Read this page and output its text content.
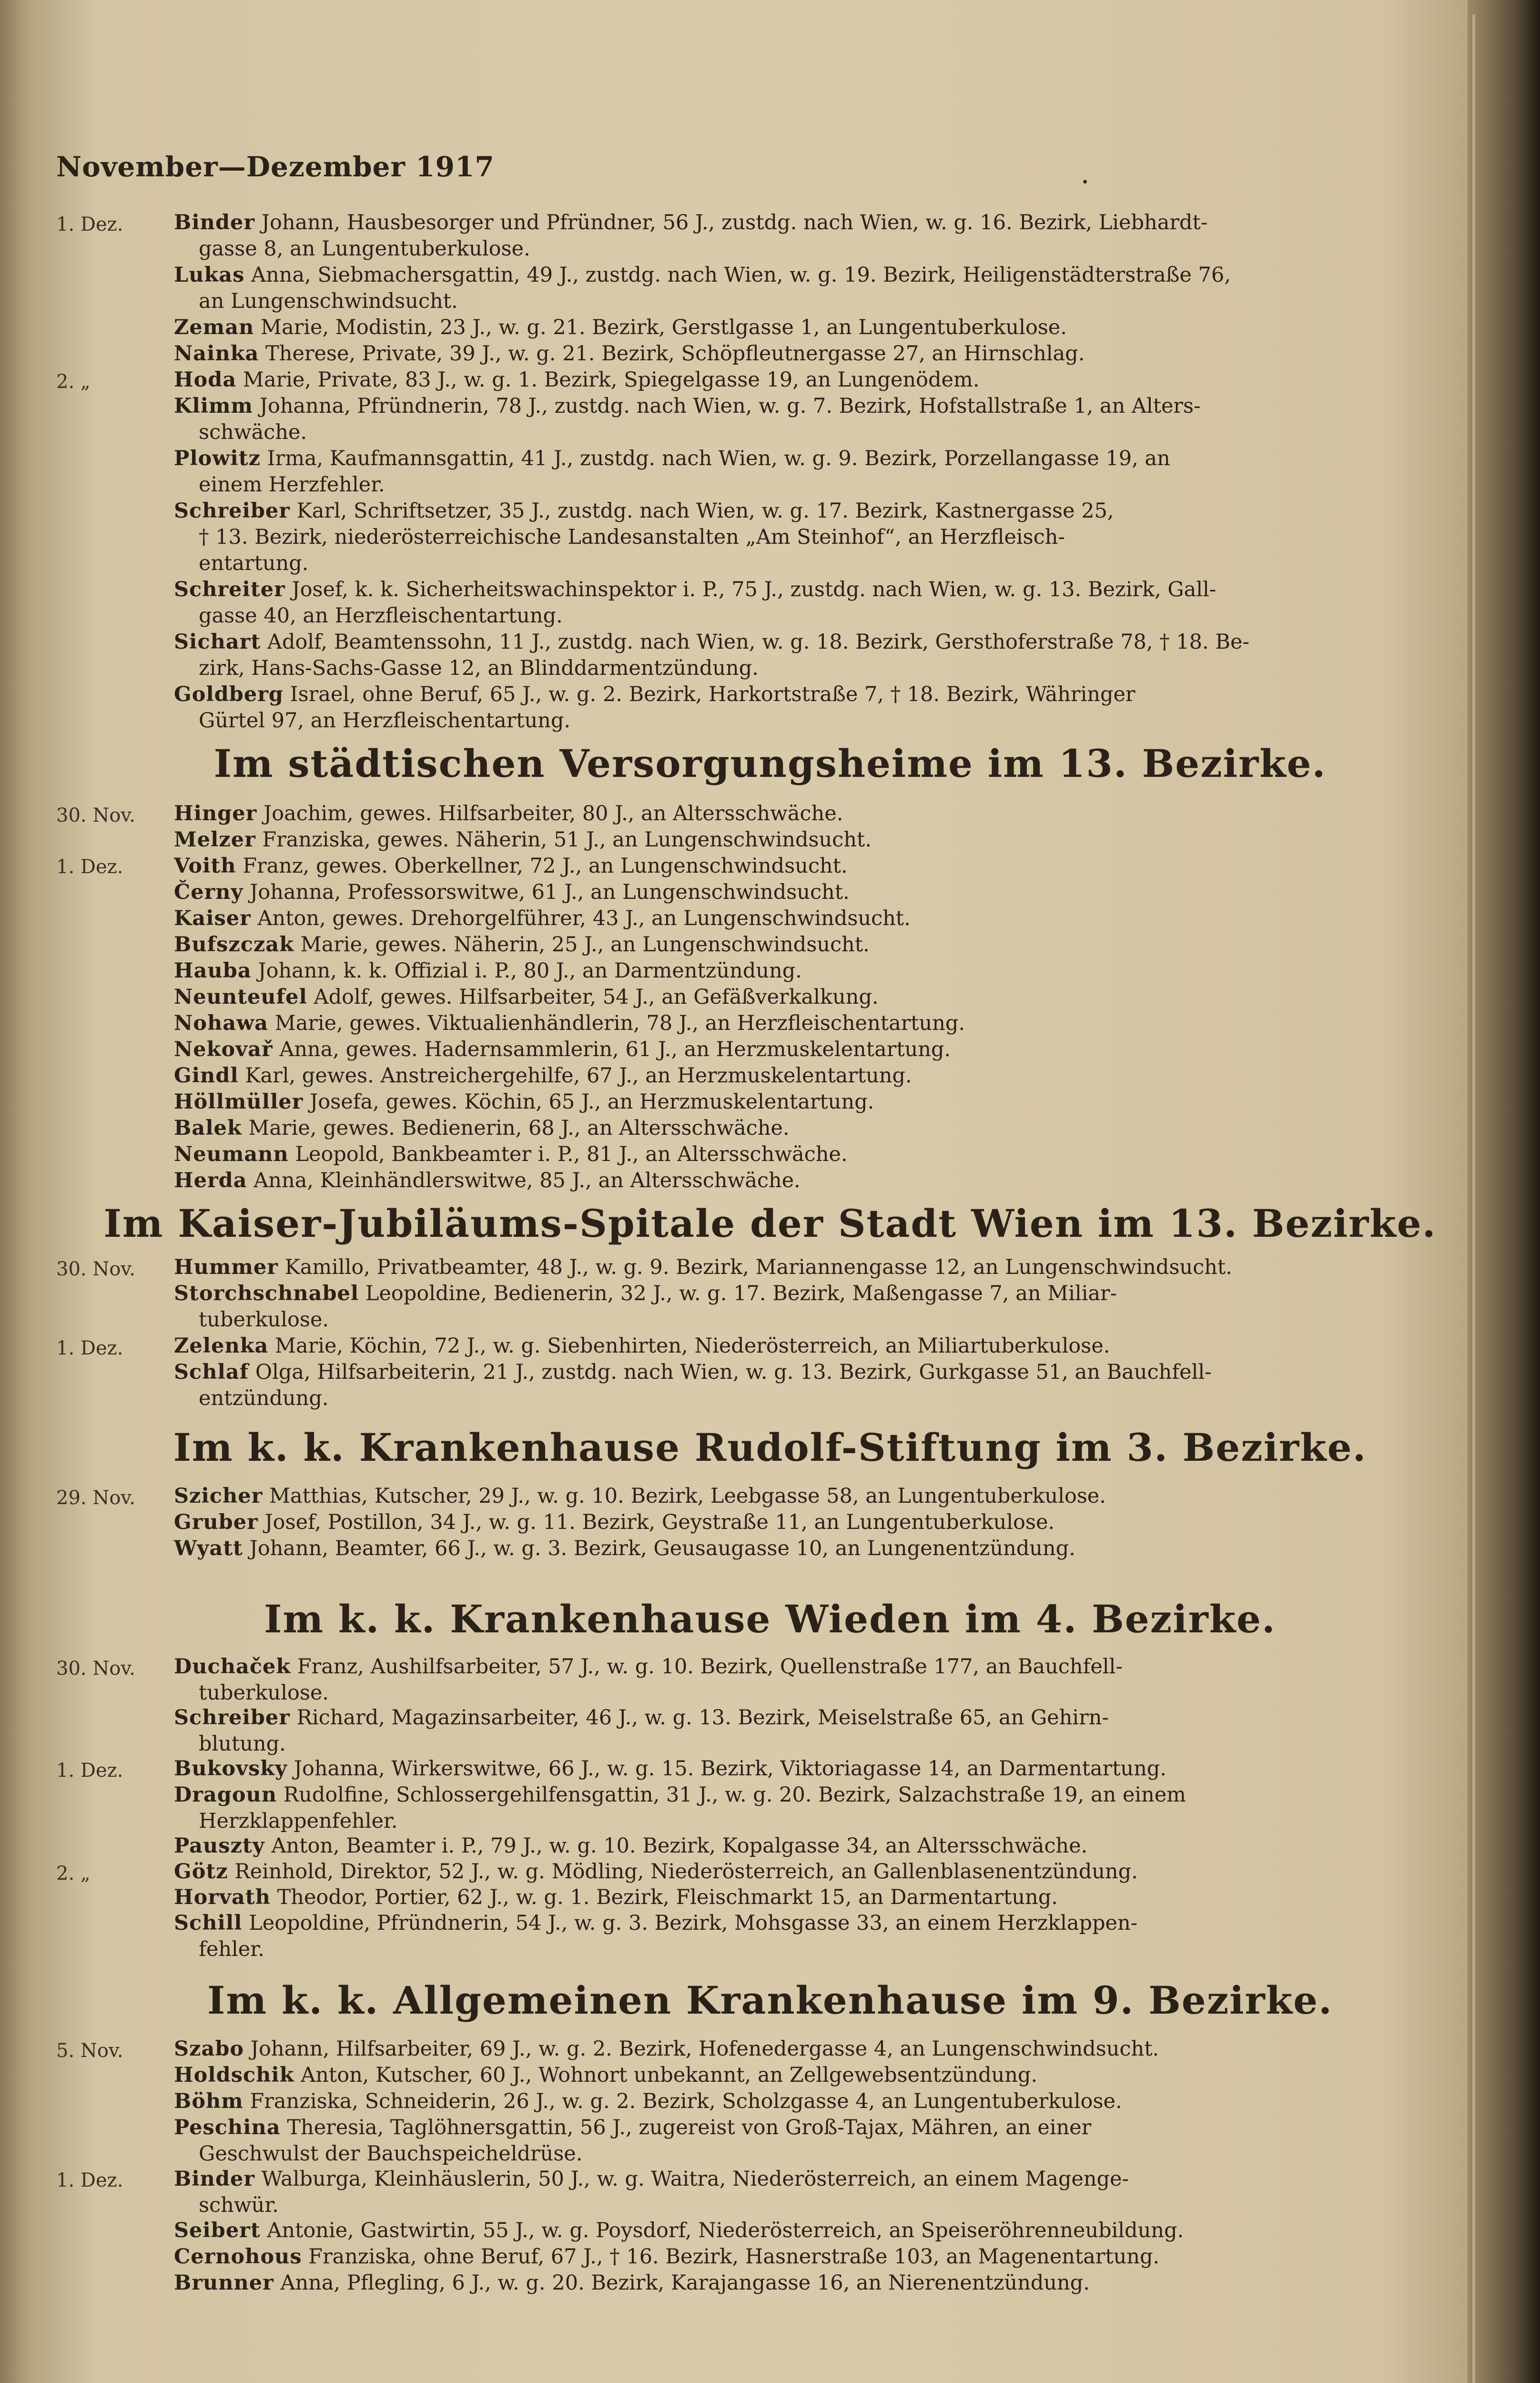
November—Dezember 1917	.
1. Dez.
2. „
30. Nov.
1. Dez.
30. Nov.
1. Dez.
29. Nov.
30. Nov.
1. Dez.
2. „
5. Nov.
1. Dez.
Binder Johann, Hausbesorger und Pfründner, 56 J., zustdg. nach Wien, w. g. 16. Bezirk, Liebhardt-
gasse 8, an Lungentuberkulose.
Lukas Anna, Siebmachersgattin, 49 J., zustdg. nach Wien, w. g. 19. Bezirk, Heiligenstädterstraße 76,
an Lungenschwindsucht.
Zeman Marie, Modistin, 23 J., w. g. 21. Bezirk, Gerstlgasse 1, an Lungentuberkulose.
Nainka Therese, Private, 39 J., w. g. 21. Bezirk, Schöpfleutnergasse 27, an Hirnschlag.
Hoda Marie, Private, 83 J., w. g. 1. Bezirk, Spiegelgasse 19, an Lungenödem.
Klimm Johanna, Pfründnerin, 78 J., zustdg. nach Wien, w. g. 7. Bezirk, Hofstallstraße 1, an Alters-
schwäche.
Plowitz Irma, Kaufmannsgattin, 41 J., zustdg. nach Wien, w. g. 9. Bezirk, Porzellangasse 19, an
einem Herzfehler.
Schreiber Karl, Schriftsetzer, 35 J., zustdg. nach Wien, w. g. 17. Bezirk, Kastnergasse 25,
† 13. Bezirk, niederösterreichische Landesanstalten „Am Steinhof“, an Herzfleisch-
entartung.
Schreiter Josef, k. k. Sicherheitswachinspektor i. P., 75 J., zustdg. nach Wien, w. g. 13. Bezirk, Gall-
gasse 40, an Herzfleischentartung.
Sichart Adolf, Beamtenssohn, 11 J., zustdg. nach Wien, w. g. 18. Bezirk, Gersthoferstraße 78, † 18. Be-
zirk, Hans-Sachs-Gasse 12, an Blinddarmentzündung.
Goldberg Israel, ohne Beruf, 65 J., w. g. 2. Bezirk, Harkortstraße 7, † 18. Bezirk, Währinger
Gürtel 97, an Herzfleischentartung.
Im städtischen Versorgungsheime im 13. Bezirke.
Hinger Joachim, gewes. Hilfsarbeiter, 80 J., an Altersschwäche.
Melzer Franziska, gewes. Näherin, 51 J., an Lungenschwindsucht.
Voith Franz, gewes. Oberkellner, 72 J., an Lungenschwindsucht.
Černy Johanna, Professorswitwe, 61 J., an Lungenschwindsucht.
Kaiser Anton, gewes. Drehorgelführer, 43 J., an Lungenschwindsucht.
Bufszczak Marie, gewes. Näherin, 25 J., an Lungenschwindsucht.
Hauba Johann, k. k. Offizial i. P., 80 J., an Darmentzündung.
Neunteufel Adolf, gewes. Hilfsarbeiter, 54 J., an Gefäßverkalkung.
Nohawa Marie, gewes. Viktualienhändlerin, 78 J., an Herzfleischentartung.
Nekovař Anna, gewes. Hadernsammlerin, 61 J., an Herzmuskelentartung.
Gindl Karl, gewes. Anstreichergehilfe, 67 J., an Herzmuskelentartung.
Höllmüller Josefa, gewes. Köchin, 65 J., an Herzmuskelentartung.
Balek Marie, gewes. Bedienerin, 68 J., an Altersschwäche.
Neumann Leopold, Bankbeamter i. P., 81 J., an Altersschwäche.
Herda Anna, Kleinhändlerswitwe, 85 J., an Altersschwäche.
Im Kaiser-Jubiläums-Spitale der Stadt Wien im 13. Bezirke.
Hummer Kamillo, Privatbeamter, 48 J., w. g. 9. Bezirk, Mariannengasse 12, an Lungenschwindsucht.
Storchschnabel Leopoldine, Bedienerin, 32 J., w. g. 17. Bezirk, Maßengasse 7, an Miliar-
tuberkulose.
Zelenka Marie, Köchin, 72 J., w. g. Siebenhirten, Niederösterreich, an Miliartuberkulose.
Schlaf Olga, Hilfsarbeiterin, 21 J., zustdg. nach Wien, w. g. 13. Bezirk, Gurkgasse 51, an Bauchfell-
entzündung.
Im k. k. Krankenhause Rudolf-Stiftung im 3. Bezirke.
Szicher Matthias, Kutscher, 29 J., w. g. 10. Bezirk, Leebgasse 58, an Lungentuberkulose.
Gruber Josef, Postillon, 34 J., w. g. 11. Bezirk, Geystraße 11, an Lungentuberkulose.
Wyatt Johann, Beamter, 66 J., w. g. 3. Bezirk, Geusaugasse 10, an Lungenentzündung.
Im k. k. Krankenhause Wieden im 4. Bezirke.
Duchaček Franz, Aushilfsarbeiter, 57 J., w. g. 10. Bezirk, Quellenstraße 177, an Bauchfell-
tuberkulose.
Schreiber Richard, Magazinsarbeiter, 46 J., w. g. 13. Bezirk, Meiselstraße 65, an Gehirn-
blutung.
Bukovsky Johanna, Wirkerswitwe, 66 J., w. g. 15. Bezirk, Viktoriagasse 14, an Darmentartung.
Dragoun Rudolfine, Schlossergehilfensgattin, 31 J., w. g. 20. Bezirk, Salzachstraße 19, an einem
Herzklappenfehler.
Pauszty Anton, Beamter i. P., 79 J., w. g. 10. Bezirk, Kopalgasse 34, an Altersschwäche.
Götz Reinhold, Direktor, 52 J., w. g. Mödling, Niederösterreich, an Gallenblasenentzündung.
Horvath Theodor, Portier, 62 J., w. g. 1. Bezirk, Fleischmarkt 15, an Darmentartung.
Schill Leopoldine, Pfründnerin, 54 J., w. g. 3. Bezirk, Mohsgasse 33, an einem Herzklappen-
fehler.
Im k. k. Allgemeinen Krankenhause im 9. Bezirke.
Szabo Johann, Hilfsarbeiter, 69 J., w. g. 2. Bezirk, Hofenedergasse 4, an Lungenschwindsucht.
Holdschik Anton, Kutscher, 60 J., Wohnort unbekannt, an Zellgewebsentzündung.
Böhm Franziska, Schneiderin, 26 J., w. g. 2. Bezirk, Scholzgasse 4, an Lungentuberkulose.
Peschina Theresia, Taglöhnersgattin, 56 J., zugereist von Groß-Tajax, Mähren, an einer
Geschwulst der Bauchspeicheldrüse.
Binder Walburga, Kleinhäuslerin, 50 J., w. g. Waitra, Niederösterreich, an einem Magenge-
schwür.
Seibert Antonie, Gastwirtin, 55 J., w. g. Poysdorf, Niederösterreich, an Speiseröhrenneubildung.
Cernohous Franziska, ohne Beruf, 67 J., † 16. Bezirk, Hasnerstraße 103, an Magenentartung.
Brunner Anna, Pflegling, 6 J., w. g. 20. Bezirk, Karajangasse 16, an Nierenentzündung.
